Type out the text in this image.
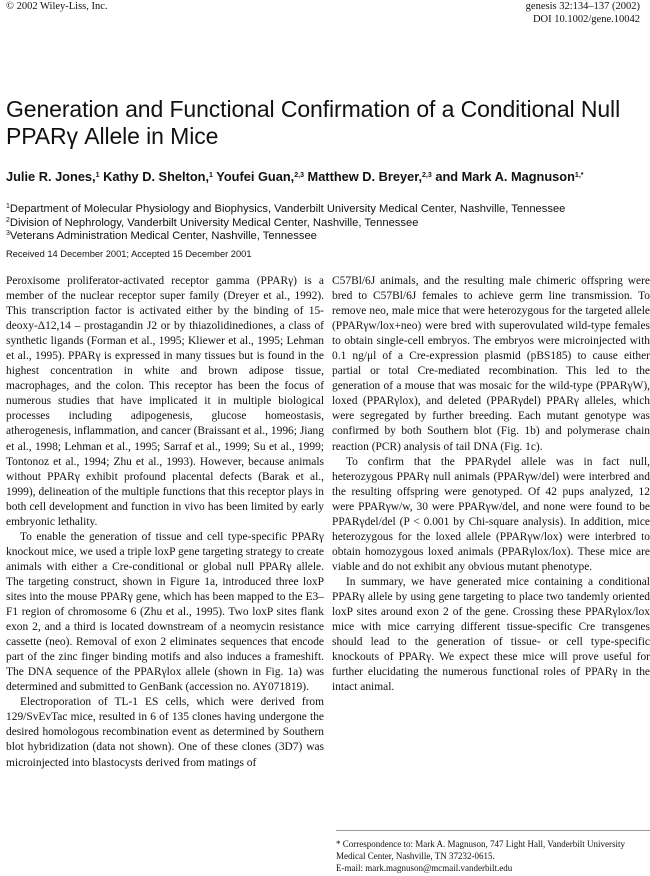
© 2002 Wiley-Liss, Inc.	genesis 32:134–137 (2002)
DOI 10.1002/gene.10042
Generation and Functional Confirmation of a Conditional Null PPARγ Allele in Mice

Julie R. Jones,$^1$ Kathy D. Shelton,$^1$ Youfei Guan,$^{2,3}$ Matthew D. Breyer,$^{2,3}$ and Mark A. Magnuson$^{1,*}$

$^1$Department of Molecular Physiology and Biophysics, Vanderbilt University Medical Center, Nashville, Tennessee
$^2$Division of Nephrology, Vanderbilt University Medical Center, Nashville, Tennessee
$^3$Veterans Administration Medical Center, Nashville, Tennessee
Received 14 December 2001; Accepted 15 December 2001

Peroxisome proliferator-activated receptor gamma (PPARγ) is a member of the nuclear receptor super family (Dreyer et al., 1992). This transcription factor is activated either by the binding of 15-deoxy-Δ12,14 – prostagandin J2 or by thiazolidinediones, a class of synthetic ligands (Forman et al., 1995; Kliewer et al., 1995; Lehman et al., 1995). PPARγ is expressed in many tissues but is found in the highest concentration in white and brown adipose tissue, macrophages, and the colon. This receptor has been the focus of numerous studies that have implicated it in multiple biological processes including adipogenesis, glucose homeostasis, atherogenesis, inflammation, and cancer (Braissant et al., 1996; Jiang et al., 1998; Lehman et al., 1995; Sarraf et al., 1999; Su et al., 1999; Tontonoz et al., 1994; Zhu et al., 1993). However, because animals without PPARγ exhibit profound placental defects (Barak et al., 1999), delineation of the multiple functions that this receptor plays in both cell development and function in vivo has been limited by early embryonic lethality.

To enable the generation of tissue and cell type-specific PPARγ knockout mice, we used a triple loxP gene targeting strategy to create animals with either a Cre-conditional or global null PPARγ allele. The targeting construct, shown in Figure 1a, introduced three loxP sites into the mouse PPARγ gene, which has been mapped to the E3–F1 region of chromosome 6 (Zhu et al., 1995). Two loxP sites flank exon 2, and a third is located downstream of a neomycin resistance cassette (neo). Removal of exon 2 eliminates sequences that encode part of the zinc finger binding motifs and also induces a frameshift. The DNA sequence of the PPARγlox allele (shown in Fig. 1a) was determined and submitted to GenBank (accession no. AY071819).

Electroporation of TL-1 ES cells, which were derived from 129/SvEvTac mice, resulted in 6 of 135 clones having undergone the desired homologous recombination event as determined by Southern blot hybridization (data not shown). One of these clones (3D7) was microinjected into blastocysts derived from matings of

C57Bl/6J animals, and the resulting male chimeric offspring were bred to C57Bl/6J females to achieve germ line transmission. To remove neo, male mice that were heterozygous for the targeted allele (PPARγw/lox+neo) were bred with superovulated wild-type females to obtain single-cell embryos. The embryos were microinjected with 0.1 ng/μl of a Cre-expression plasmid (pBS185) to cause either partial or total Cre-mediated recombination. This led to the generation of a mouse that was mosaic for the wild-type (PPARγW), loxed (PPARγlox), and deleted (PPARγdel) PPARγ alleles, which were segregated by further breeding. Each mutant genotype was confirmed by both Southern blot (Fig. 1b) and polymerase chain reaction (PCR) analysis of tail DNA (Fig. 1c).

To confirm that the PPARγdel allele was in fact null, heterozygous PPARγ null animals (PPARγw/del) were interbred and the resulting offspring were genotyped. Of 42 pups analyzed, 12 were PPARγw/w, 30 were PPARγw/del, and none were found to be PPARγdel/del (P < 0.001 by Chi-square analysis). In addition, mice heterozygous for the loxed allele (PPARγw/lox) were interbred to obtain homozygous loxed animals (PPARγlox/lox). These mice are viable and do not exhibit any obvious mutant phenotype.

In summary, we have generated mice containing a conditional PPARγ allele by using gene targeting to place two tandemly oriented loxP sites around exon 2 of the gene. Crossing these PPARγlox/lox mice with mice carrying different tissue-specific Cre transgenes should lead to the generation of tissue- or cell type-specific knockouts of PPARγ. We expect these mice will prove useful for further elucidating the numerous functional roles of PPARγ in the intact animal.

* Correspondence to: Mark A. Magnuson, 747 Light Hall, Vanderbilt University Medical Center, Nashville, TN 37232-0615.
E-mail: mark.magnuson@mcmail.vanderbilt.edu
